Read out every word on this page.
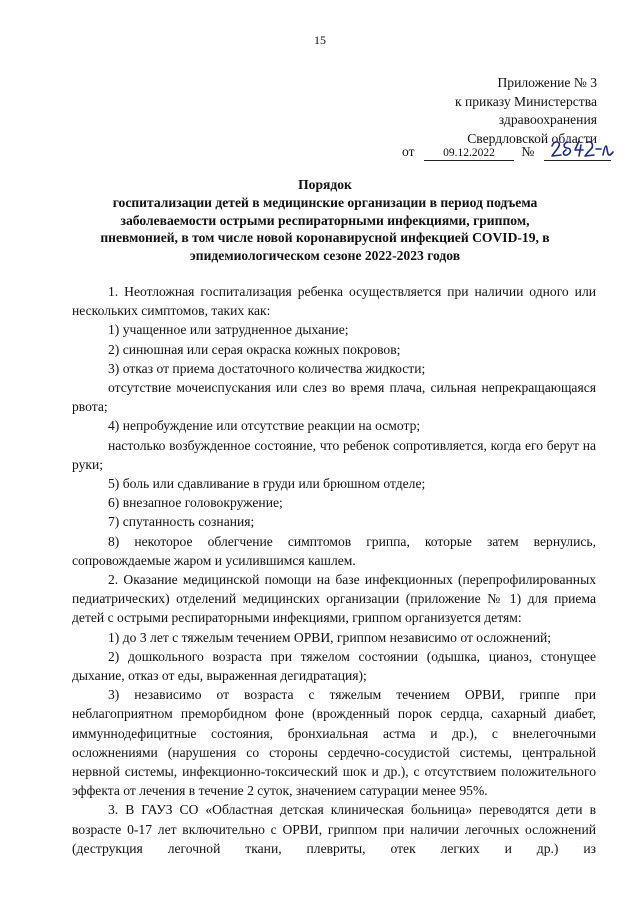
15
Приложение № 3
к приказу Министерства
здравоохранения
Свердловской области
от 09.12.2022 №
Порядок
госпитализации детей в медицинские организации в период подъема
заболеваемости острыми респираторными инфекциями, гриппом,
пневмонией, в том числе новой коронавирусной инфекцией COVID-19, в
эпидемиологическом сезоне 2022-2023 годов

1. Неотложная госпитализация ребенка осуществляется при наличии одного или нескольких симптомов, таких как:

1) учащенное или затрудненное дыхание;

2) синюшная или серая окраска кожных покровов;

3) отказ от приема достаточного количества жидкости;

отсутствие мочеиспускания или слез во время плача, сильная непрекращающаяся рвота;

4) непробуждение или отсутствие реакции на осмотр;

настолько возбужденное состояние, что ребенок сопротивляется, когда его берут на руки;

5) боль или сдавливание в груди или брюшном отделе;

6) внезапное головокружение;

7) спутанность сознания;

8) некоторое облегчение симптомов гриппа, которые затем вернулись, сопровождаемые жаром и усилившимся кашлем.

2. Оказание медицинской помощи на базе инфекционных (перепрофилированных педиатрических) отделений медицинских организации (приложение № 1) для приема детей с острыми респираторными инфекциями, гриппом организуется детям:

1) до 3 лет с тяжелым течением ОРВИ, гриппом независимо от осложнений;

2) дошкольного возраста при тяжелом состоянии (одышка, цианоз, стонущее дыхание, отказ от еды, выраженная дегидратация);

3) независимо от возраста с тяжелым течением ОРВИ, гриппе при неблагоприятном преморбидном фоне (врожденный порок сердца, сахарный диабет, иммуннодефицитные состояния, бронхиальная астма и др.), с внелегочными осложнениями (нарушения со стороны сердечно-сосудистой системы, центральной нервной системы, инфекционно-токсический шок и др.), с отсутствием положительного эффекта от лечения в течение 2 суток, значением сатурации менее 95%.

3. В ГАУЗ СО «Областная детская клиническая больница» переводятся дети в возрасте 0-17 лет включительно с ОРВИ, гриппом при наличии легочных осложнений (деструкция легочной ткани, плевриты, отек легких и др.) из
